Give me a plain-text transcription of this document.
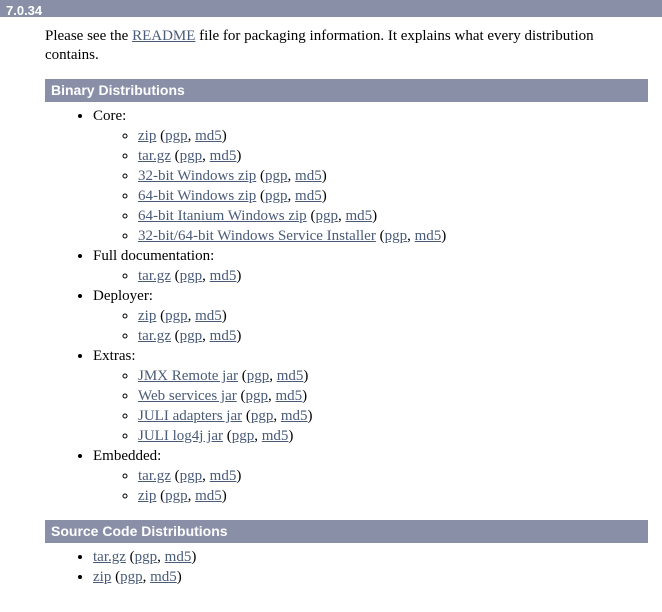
7.0.34

Please see the README file for packaging information. It explains what every distribution contains.

Binary Distributions
• Core:
◦ zip (pgp, md5)
◦ tar.gz (pgp, md5)
◦ 32-bit Windows zip (pgp, md5)
◦ 64-bit Windows zip (pgp, md5)
◦ 64-bit Itanium Windows zip (pgp, md5)
◦ 32-bit/64-bit Windows Service Installer (pgp, md5)
• Full documentation:
◦ tar.gz (pgp, md5)
• Deployer:
◦ zip (pgp, md5)
◦ tar.gz (pgp, md5)
• Extras:
◦ JMX Remote jar (pgp, md5)
◦ Web services jar (pgp, md5)
◦ JULI adapters jar (pgp, md5)
◦ JULI log4j jar (pgp, md5)
• Embedded:
◦ tar.gz (pgp, md5)
◦ zip (pgp, md5)
Source Code Distributions
• tar.gz (pgp, md5)
• zip (pgp, md5)
